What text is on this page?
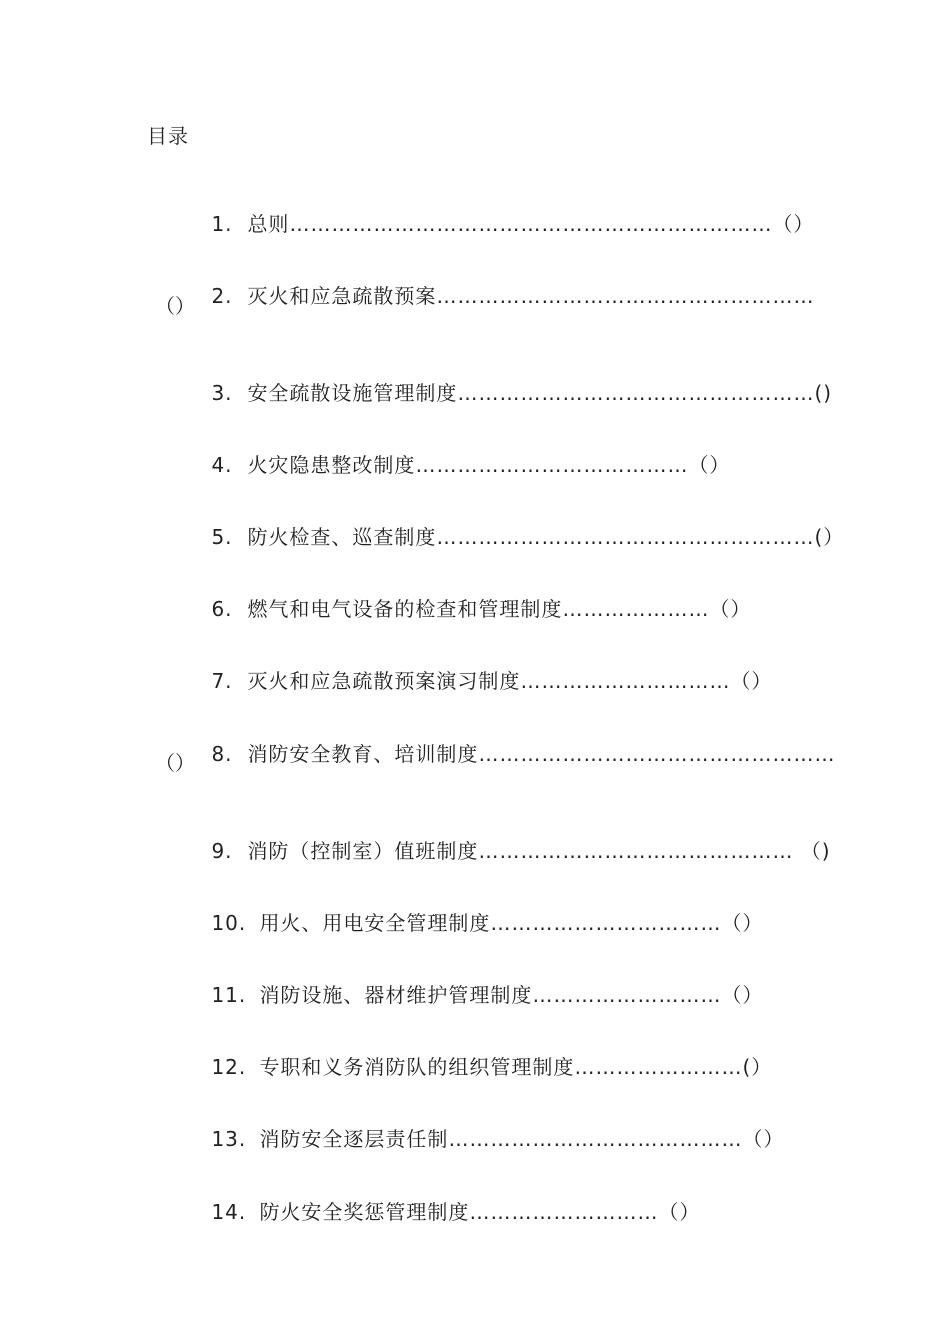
目录

1. 总则……………………………………………………………（）

2. 灭火和应急疏散预案………………………………………………

（）

3. 安全疏散设施管理制度……………………………………………()

4. 火灾隐患整改制度…………………………………（）

5. 防火检查、巡查制度………………………………………………(）

6. 燃气和电气设备的检查和管理制度…………………（）

7. 灭火和应急疏散预案演习制度…………………………（）

8. 消防安全教育、培训制度……………………………………………

（）

9. 消防（控制室）值班制度……………………………………… （)

10. 用火、用电安全管理制度……………………………（）

11. 消防设施、器材维护管理制度………………………（）

12. 专职和义务消防队的组织管理制度……………………(）

13. 消防安全逐层责任制……………………………………（）

14. 防火安全奖惩管理制度………………………（）
